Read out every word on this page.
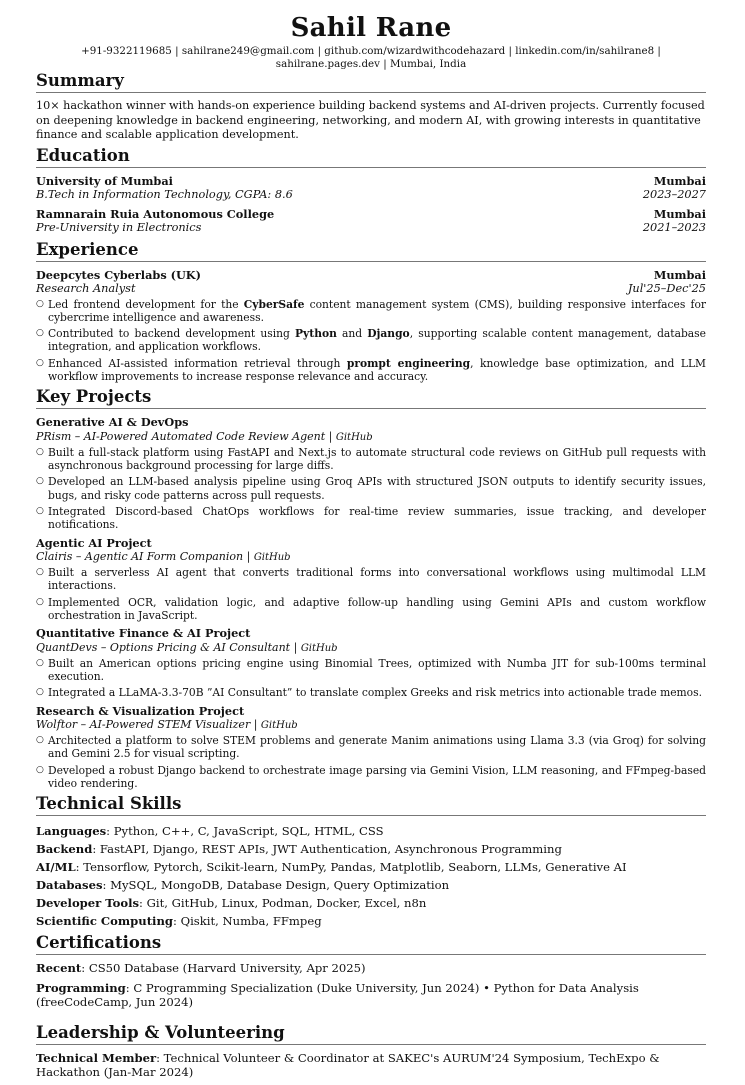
Sahil Rane
+91-9322119685 | sahilrane249@gmail.com | github.com/wizardwithcodehazard | linkedin.com/in/sahilrane8 | sahilrane.pages.dev | Mumbai, India
Summary

10× hackathon winner with hands-on experience building backend systems and AI-driven projects. Currently focused on deepening knowledge in backend engineering, networking, and modern AI, with growing interests in quantitative finance and scalable application development.

Education
University of Mumbai	Mumbai
B.Tech in Information Technology, CGPA: 8.6	2023–2027
Ramnarain Ruia Autonomous College	Mumbai
Pre-University in Electronics	2021–2023
Experience
Deepcytes Cyberlabs (UK)	Mumbai
Research Analyst	Jul'25–Dec'25
○ Led frontend development for the CyberSafe content management system (CMS), building responsive interfaces for cybercrime intelligence and awareness.
○ Contributed to backend development using Python and Django, supporting scalable content management, database integration, and application workflows.
○ Enhanced AI-assisted information retrieval through prompt engineering, knowledge base optimization, and LLM workflow improvements to increase response relevance and accuracy.
Key Projects
Generative AI & DevOps
PRism – AI-Powered Automated Code Review Agent | GitHub
○ Built a full-stack platform using FastAPI and Next.js to automate structural code reviews on GitHub pull requests with asynchronous background processing for large diffs.
○ Developed an LLM-based analysis pipeline using Groq APIs with structured JSON outputs to identify security issues, bugs, and risky code patterns across pull requests.
○ Integrated Discord-based ChatOps workflows for real-time review summaries, issue tracking, and developer notifications.
Agentic AI Project
Clairis – Agentic AI Form Companion | GitHub
○ Built a serverless AI agent that converts traditional forms into conversational workflows using multimodal LLM interactions.
○ Implemented OCR, validation logic, and adaptive follow-up handling using Gemini APIs and custom workflow orchestration in JavaScript.
Quantitative Finance & AI Project
QuantDevs – Options Pricing & AI Consultant | GitHub
○ Built an American options pricing engine using Binomial Trees, optimized with Numba JIT for sub-100ms terminal execution.
○ Integrated a LLaMA-3.3-70B ”AI Consultant” to translate complex Greeks and risk metrics into actionable trade memos.
Research & Visualization Project
Wolftor – AI-Powered STEM Visualizer | GitHub
○ Architected a platform to solve STEM problems and generate Manim animations using Llama 3.3 (via Groq) for solving and Gemini 2.5 for visual scripting.
○ Developed a robust Django backend to orchestrate image parsing via Gemini Vision, LLM reasoning, and FFmpeg-based video rendering.
Technical Skills
Languages: Python, C++, C, JavaScript, SQL, HTML, CSS
Backend: FastAPI, Django, REST APIs, JWT Authentication, Asynchronous Programming
AI/ML: Tensorflow, Pytorch, Scikit-learn, NumPy, Pandas, Matplotlib, Seaborn, LLMs, Generative AI
Databases: MySQL, MongoDB, Database Design, Query Optimization
Developer Tools: Git, GitHub, Linux, Podman, Docker, Excel, n8n
Scientific Computing: Qiskit, Numba, FFmpeg
Certifications
Recent: CS50 Database (Harvard University, Apr 2025)
Programming: C Programming Specialization (Duke University, Jun 2024) • Python for Data Analysis (freeCodeCamp, Jun 2024)
Leadership & Volunteering
Technical Member: Technical Volunteer & Coordinator at SAKEC's AURUM'24 Symposium, TechExpo & Hackathon (Jan-Mar 2024)
